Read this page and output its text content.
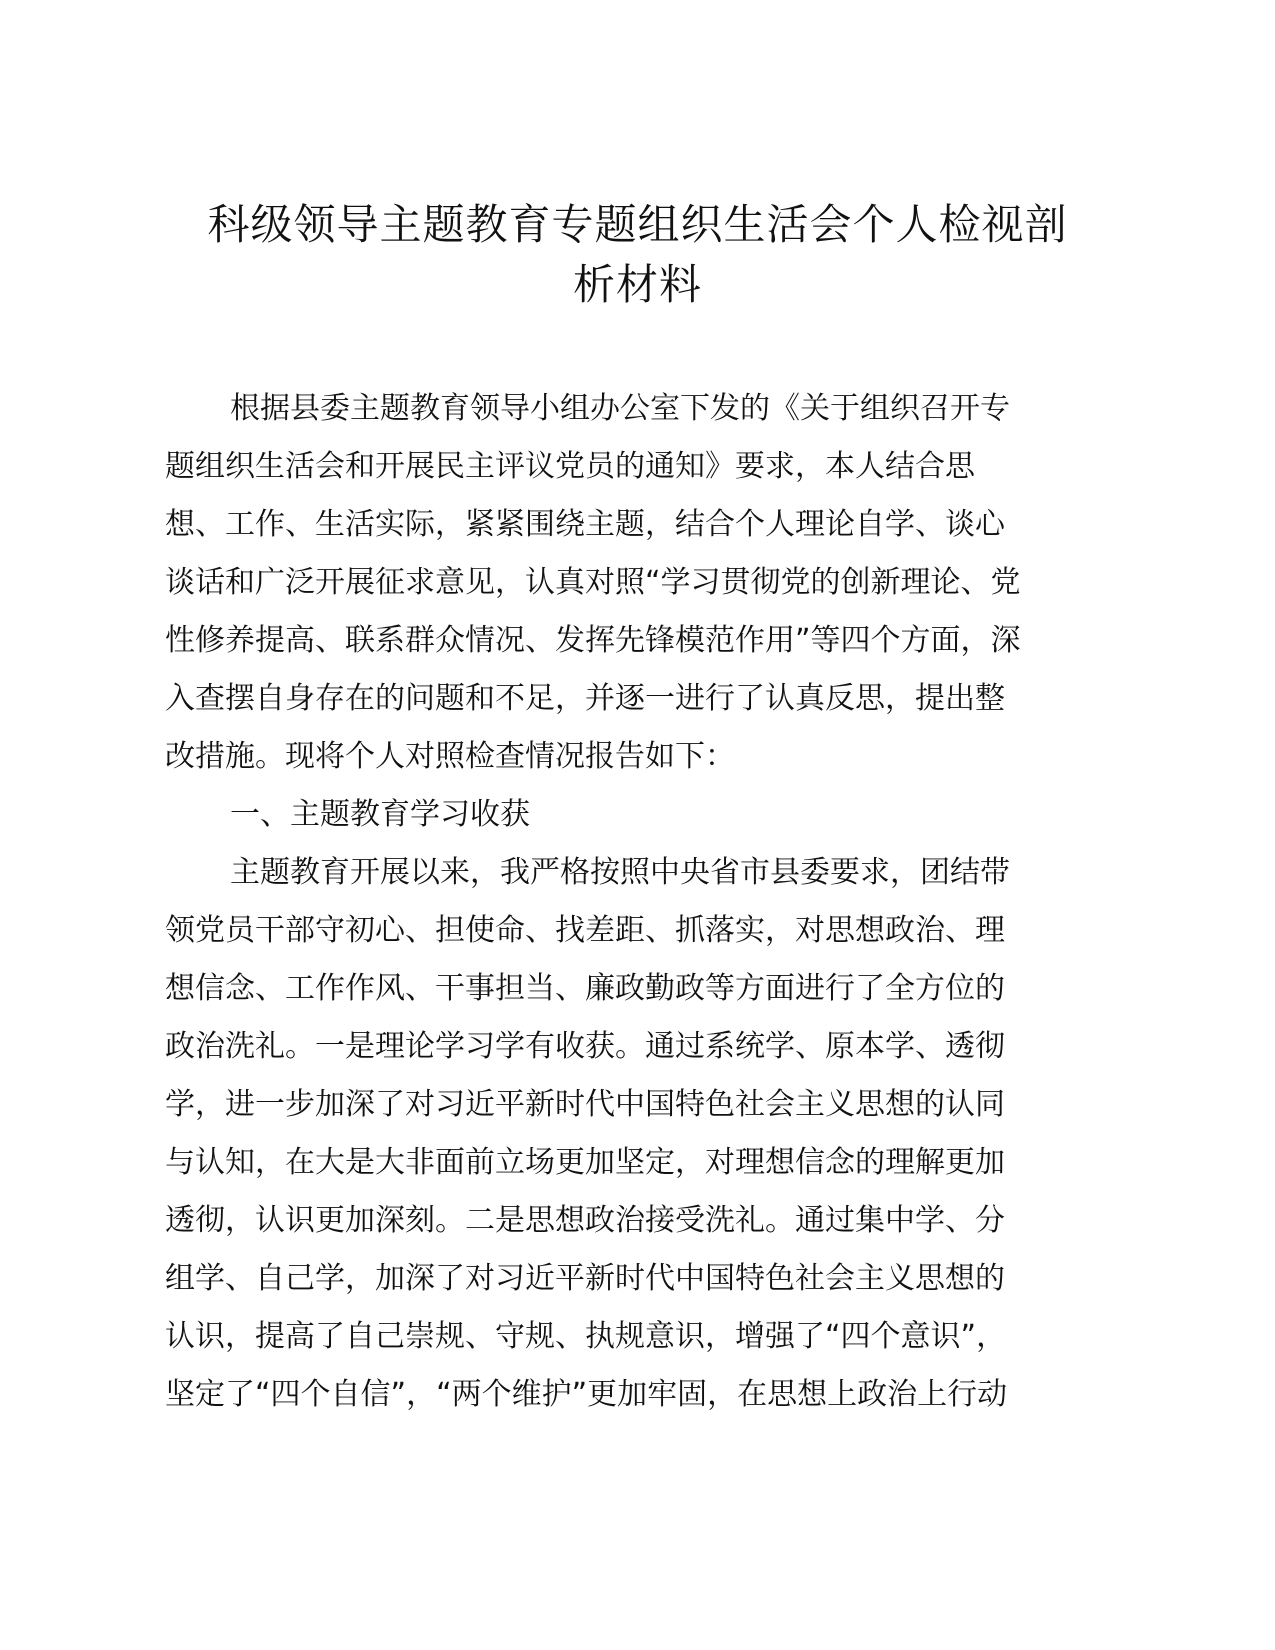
科级领导主题教育专题组织生活会个人检视剖
析材料
根据县委主题教育领导小组办公室下发的《关于组织召开专
题组织生活会和开展民主评议党员的通知》要求，本人结合思
想、工作、生活实际，紧紧围绕主题，结合个人理论自学、谈心
谈话和广泛开展征求意见，认真对照“学习贯彻党的创新理论、党
性修养提高、联系群众情况、发挥先锋模范作用”等四个方面，深
入查摆自身存在的问题和不足，并逐一进行了认真反思，提出整
改措施。现将个人对照检查情况报告如下：
一、主题教育学习收获
主题教育开展以来，我严格按照中央省市县委要求，团结带
领党员干部守初心、担使命、找差距、抓落实，对思想政治、理
想信念、工作作风、干事担当、廉政勤政等方面进行了全方位的
政治洗礼。一是理论学习学有收获。通过系统学、原本学、透彻
学，进一步加深了对习近平新时代中国特色社会主义思想的认同
与认知，在大是大非面前立场更加坚定，对理想信念的理解更加
透彻，认识更加深刻。二是思想政治接受洗礼。通过集中学、分
组学、自己学，加深了对习近平新时代中国特色社会主义思想的
认识，提高了自己崇规、守规、执规意识，增强了“四个意识”，
坚定了“四个自信”，“两个维护”更加牢固，在思想上政治上行动
